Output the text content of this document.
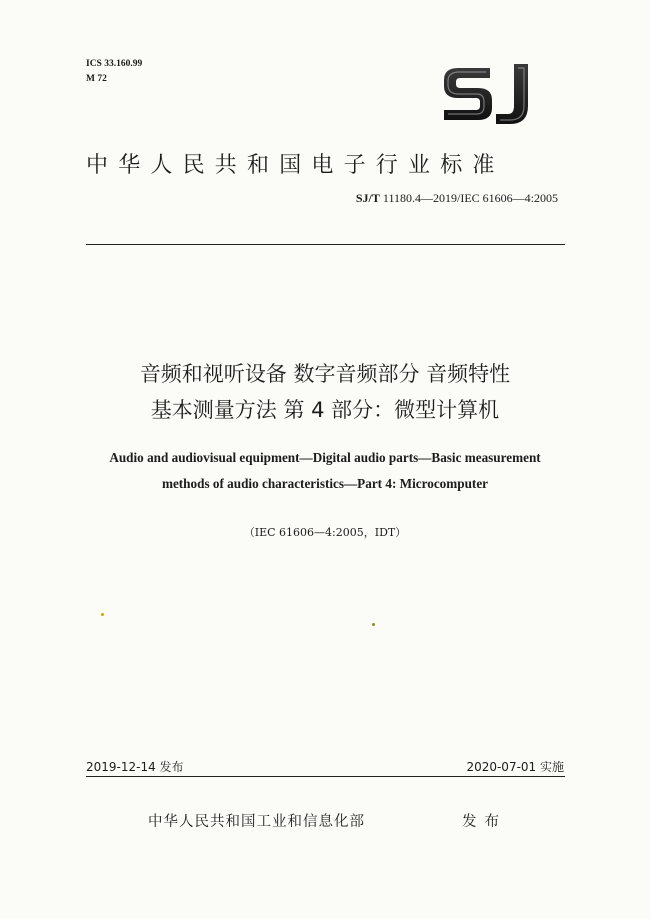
ICS 33.160.99
M 72
中华人民共和国电子行业标准
SJ/T 11180.4—2019/IEC 61606—4:2005
音频和视听设备 数字音频部分 音频特性
基本测量方法 第 4 部分：微型计算机
Audio and audiovisual equipment—Digital audio parts—Basic measurement
methods of audio characteristics—Part 4: Microcomputer
（IEC 61606—4:2005，IDT）
2019-12-14 发布	2020-07-01 实施
中华人民共和国工业和信息化部	发布
